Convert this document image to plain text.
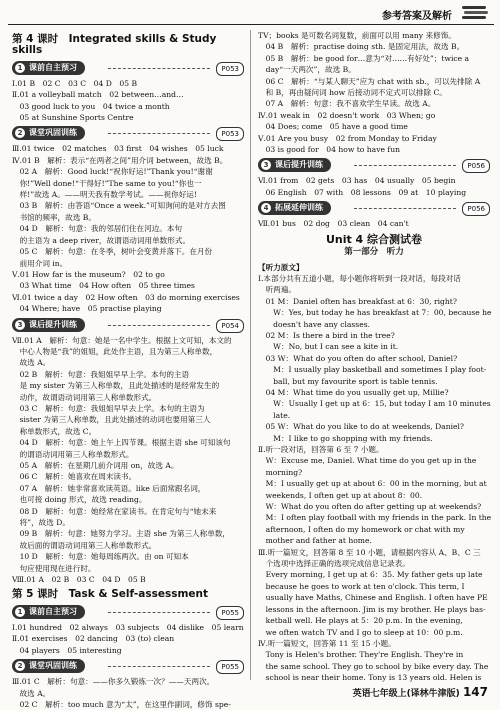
参考答案及解析
第 4 课时　Integrated skills & Study skills
1 课前自主预习	P053
Ⅰ.01 B　02 C　03 C　04 D　05 B
Ⅱ.01 a volleyball match　02 between…and…
　03 good luck to you　04 twice a month
　05 at Sunshine Sports Centre
2 课堂巩固训练	P053
Ⅲ.01 twice　02 matches　03 first　04 wishes　05 luck
Ⅳ.01 B　解析：表示“在两者之间”用介词 between，故选 B。
　02 A　解析：Good luck!“祝你好运!”Thank you!“谢谢
　你!”Well done!“干得好!”The same to you!“你也一
　样!”故选 A。——明天我有数学考试。——祝你好运!
　03 B　解析：由答语“Once a week.”可知询问的是对方去图
　书馆的频率，故选 B。
　04 D　解析：句意：我的邻居们住在河边。本句
　的主语为 a deep river，故谓语动词用单数形式。
　05 C　解析：句意：在冬季，树叶会变黄并落下。在月份
　前用介词 in。
Ⅴ.01 How far is the museum?　02 to go
　03 What time　04 How often　05 three times
Ⅵ.01 twice a day　02 How often　03 do morning exercises
　04 Where; have　05 practise playing
3 课后提升训练	P054
Ⅶ.01 A　解析：句意：她是一名中学生。根据上文可知，本文的
　中心人物是“我”的姐姐，此处作主语，且为第三人称单数，
　故选 A。
　02 B　解析：句意：我姐姐早早上学。本句的主语
　是 my sister 为第三人称单数，且此处描述的是经常发生的
　动作，故谓语动词用第三人称单数形式。
　03 C　解析：句意：我姐姐早早去上学。本句的主语为
　sister 为第三人称单数，且此处描述的动词也要用第三人
　称单数形式，故选 C。
　04 D　解析：句意：她上午上四节课。根据主语 she 可知该句
　的谓语动词用第三人称单数形式。
　05 A　解析：在星期几前介词用 on，故选 A。
　06 C　解析：她喜欢在周末读书。
　07 A　解析：她非常喜欢读英语。like 后面常跟名词，
　也可接 doing 形式，故选 reading。
　08 D　解析：句意：她经常在家读书。在肯定句与“她未来
　将”，故选 D。
　09 B　解析：句意：她努力学习。主语 she 为第三人称单数，
　故后面的谓语动词用第三人称单数形式。
　10 D　解析：句意：她每周练两次。由 on 可知本
　句应使用现在进行时。
Ⅷ.01 A　02 B　03 C　04 D　05 B
第 5 课时　Task & Self-assessment
1 课前自主预习	P055
Ⅰ.01 hundred　02 always　03 subjects　04 dislike　05 learn
Ⅱ.01 exercises　02 dancing　03 (to) clean
　04 players　05 interesting
2 课堂巩固训练	P055
Ⅲ.01 C　解析：句意：——你多久锻炼一次？——天两次。
　故选 A。
　02 C　解析：too much 意为“太”，在这里作副词，修饰 spe-
TV；books 是可数名词复数，前面可以用 many 来修饰。
　04 B　解析：practise doing sth. 是固定用法，故选 B。
　05 B　解析：be good for…意为“对……有好处”；twice a
　day“一天两次”，故选 B。
　06 C　解析：“与某人聊天”应为 chat with sb.，可以先排除 A
　和 B，再由疑问词 how 后接动词不定式可以排除 C。
　07 A　解析：句意：我不喜欢学生早读。故选 A。
Ⅳ.01 weak in　02 doesn't work　03 When; go
　04 Does; come　05 have a good time
Ⅴ.01 Are you busy　02 from Monday to Friday
　03 is good for　04 how to have fun
3 课后提升训练	P056
Ⅵ.01 from　02 gets　03 has　04 usually　05 begin
　06 English　07 with　08 lessons　09 at　10 playing
4 拓展延伸训练	P056
Ⅶ.01 bus　02 dog　03 clean　04 can't
Unit 4 综合测试卷
第一部分　听力
【听力原文】
Ⅰ.本部分共有五道小题，每小题你将听到一段对话，每段对话
　听两遍。
　01 M：Daniel often has breakfast at 6：30, right?
　　W：Yes, but today he has breakfast at 7：00, because he
　　doesn't have any classes.
　02 M：Is there a bird in the tree?
　　W：No, but I can see a kite in it.
　03 W：What do you often do after school, Daniel?
　　M：I usually play basketball and sometimes I play foot-
　　ball, but my favourite sport is table tennis.
　04 M：What time do you usually get up, Millie?
　　W：Usually I get up at 6：15, but today I am 10 minutes
　　late.
　05 W：What do you like to do at weekends, Daniel?
　　M：I like to go shopping with my friends.
Ⅱ.听一段对话，回答第 6 至 7 小题。
　W：Excuse me, Daniel. What time do you get up in the
　morning?
　M：I usually get up at about 6：00 in the morning, but at
　weekends, I often get up at about 8：00.
　W：What do you often do after getting up at weekends?
　M：I often play football with my friends in the park. In the
　afternoon, I often do my homework or chat with my
　mother and father at home.
Ⅲ.听一篇短文，回答第 8 至 10 小题，请根据内容从 A、B、C 三
　个选项中选择正确的选项完成信息记录表。
　Every morning, I get up at 6：35. My father gets up late
　because he goes to work at ten o'clock. This term, I
　usually have Maths, Chinese and English. I often have PE
　lessons in the afternoon. Jim is my brother. He plays bas-
　ketball well. He plays at 5：20 p.m. In the evening,
　we often watch TV and I go to sleep at 10：00 p.m.
Ⅳ.听一篇短文，回答第 11 至 15 小题。
　Tony is Helen's brother. They're English. They're in
　the same school. They go to school by bike every day. The
　school is near their home. Tony is 13 years old. Helen is
英语七年级上(译林牛津版) 147
